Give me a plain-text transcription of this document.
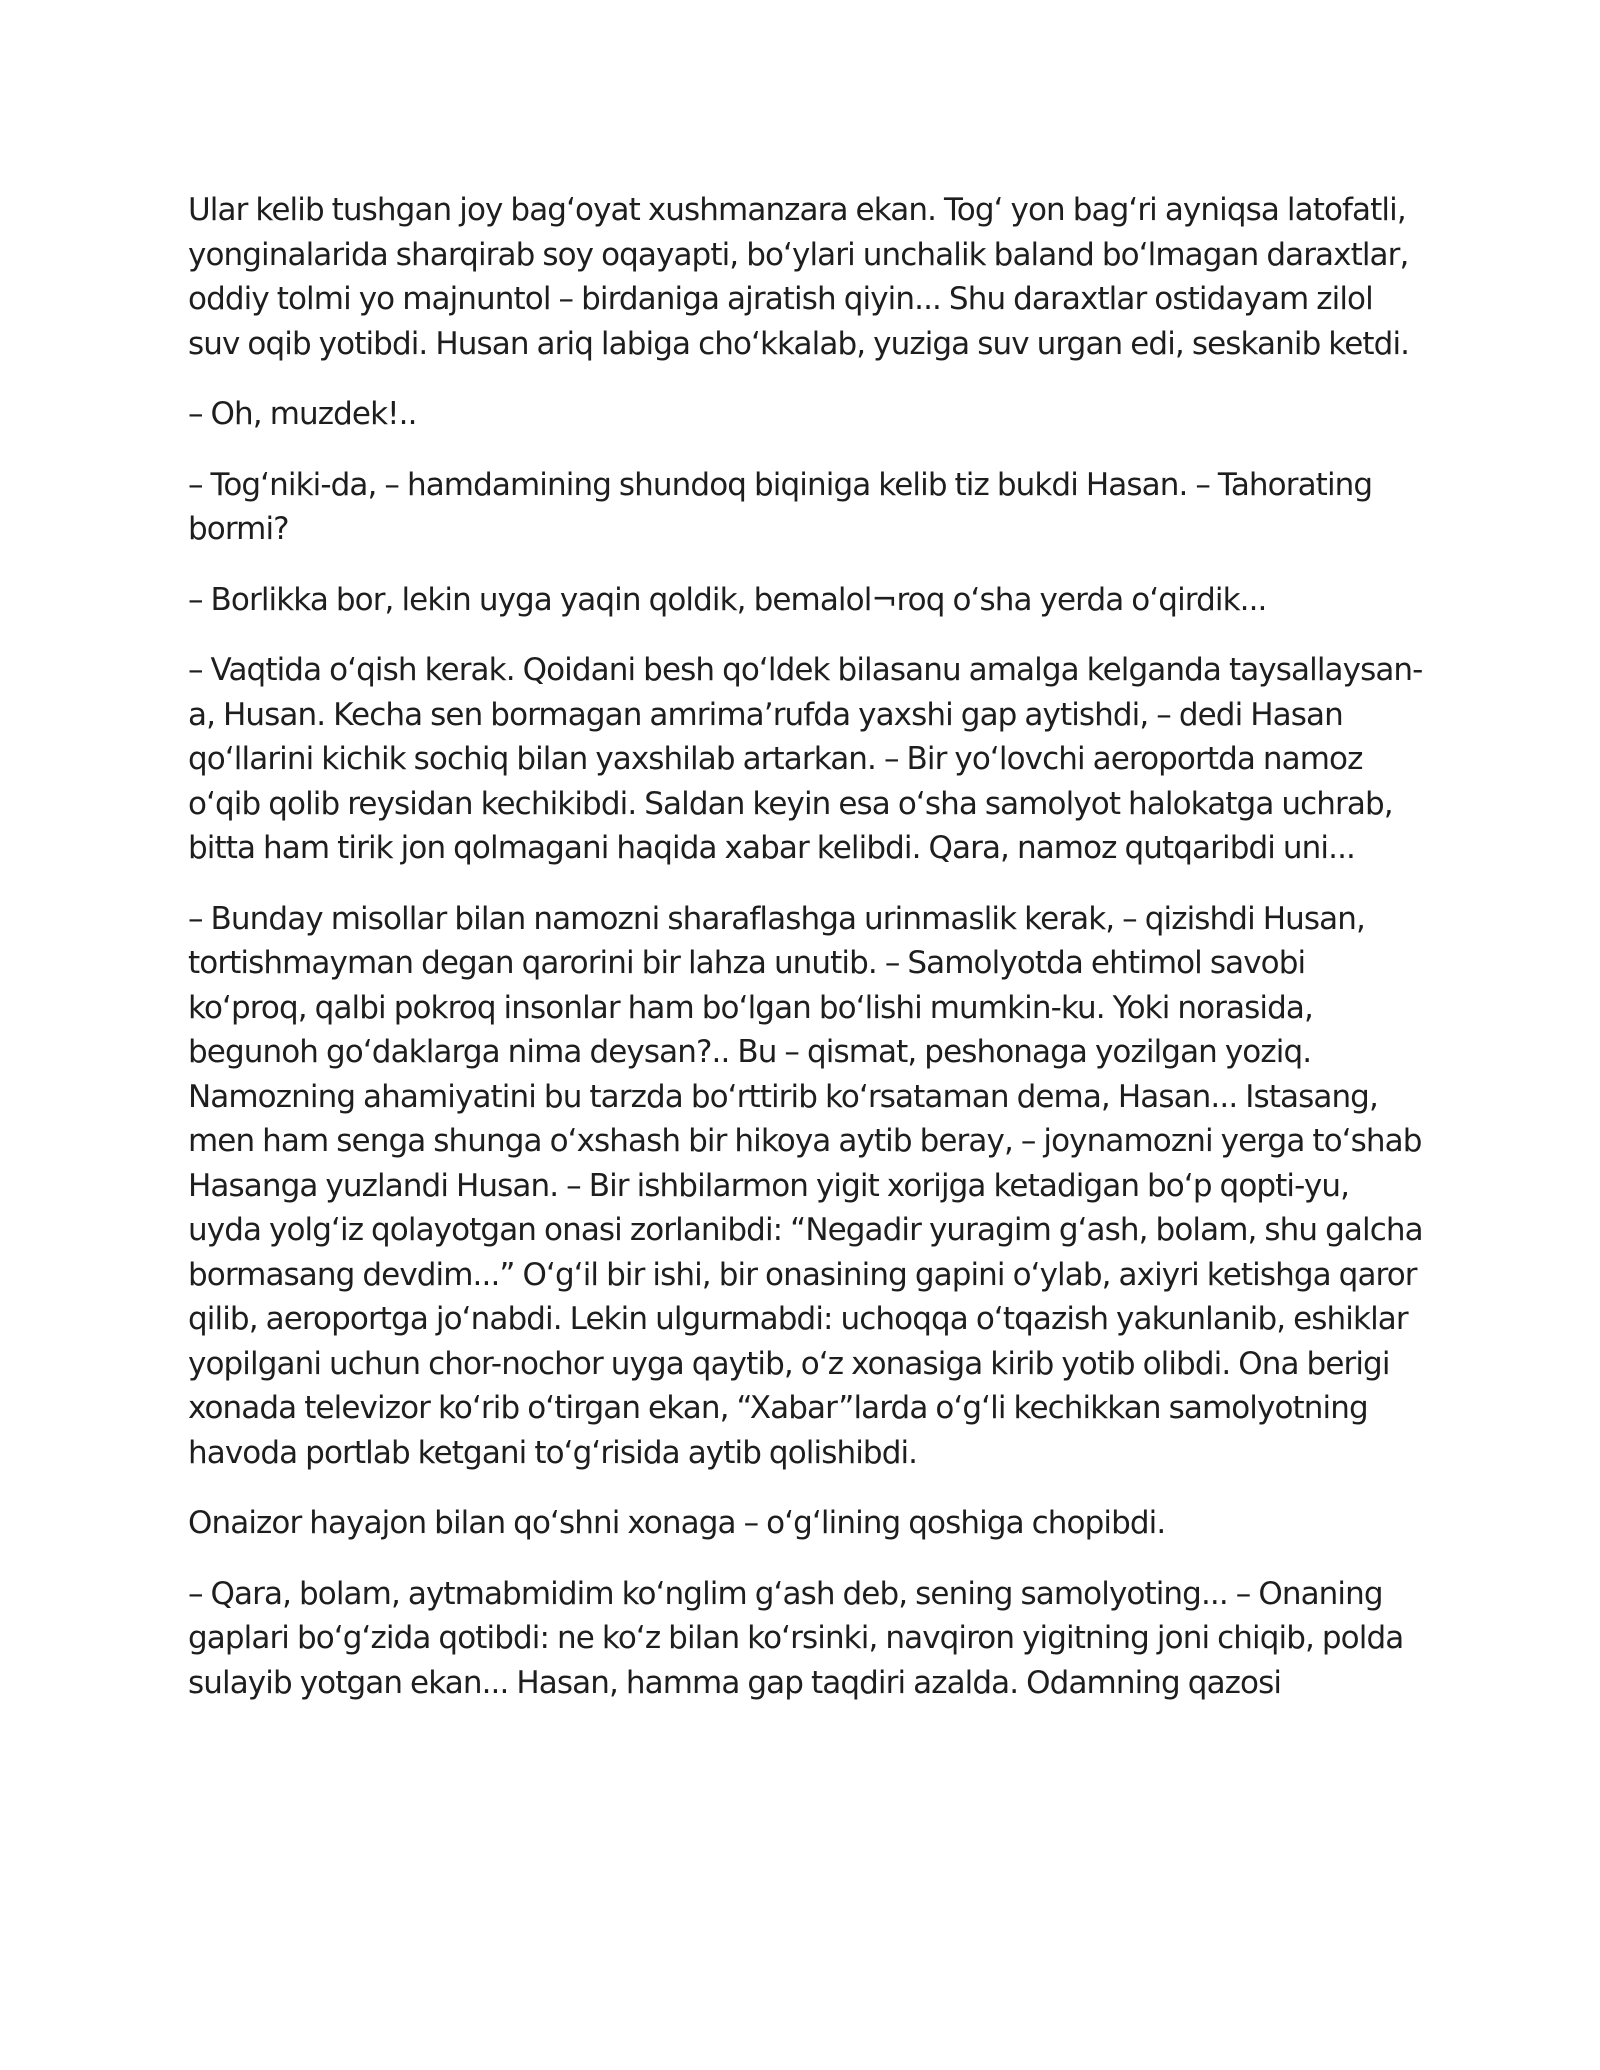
Ular kelib tushgan joy bagʻoyat xushmanzara ekan. Togʻ yon bagʻri ayniqsa latofatli, yonginalarida sharqirab soy oqayapti, boʻylari unchalik baland boʻlmagan daraxtlar, oddiy tolmi yo majnuntol – birdaniga ajratish qiyin... Shu daraxtlar ostidayam zilol suv oqib yotibdi. Husan ariq labiga choʻkkalab, yuziga suv urgan edi, seskanib ketdi.

– Oh, muzdek!..

– Togʻniki-da, – hamdamining shundoq biqiniga kelib tiz bukdi Hasan. – Tahorating bormi?

– Borlikka bor, lekin uyga yaqin qoldik, bemalol¬roq oʻsha yerda oʻqirdik...

– Vaqtida oʻqish kerak. Qoidani besh qoʻldek bilasanu amalga kelganda taysallaysan-a, Husan. Kecha sen bormagan amrima’rufda yaxshi gap aytishdi, – dedi Hasan qoʻllarini kichik sochiq bilan yaxshilab artarkan. – Bir yoʻlovchi aeroportda namoz oʻqib qolib reysidan kechikibdi. Saldan keyin esa oʻsha samolyot halokatga uchrab, bitta ham tirik jon qolmagani haqida xabar kelibdi. Qara, namoz qutqaribdi uni...

– Bunday misollar bilan namozni sharaflashga urinmaslik kerak, – qizishdi Husan, tortishmayman degan qarorini bir lahza unutib. – Samolyotda ehtimol savobi koʻproq, qalbi pokroq insonlar ham boʻlgan boʻlishi mumkin-ku. Yoki norasida, begunoh goʻdaklarga nima deysan?.. Bu – qismat, peshonaga yozilgan yoziq. Namozning ahamiyatini bu tarzda boʻrttirib koʻrsataman dema, Hasan... Istasang, men ham senga shunga oʻxshash bir hikoya aytib beray, – joynamozni yerga toʻshab Hasanga yuzlandi Husan. – Bir ishbilarmon yigit xorijga ketadigan boʻp qopti-yu, uyda yolgʻiz qolayotgan onasi zorlanibdi: “Negadir yuragim gʻash, bolam, shu galcha bormasang devdim...” Oʻgʻil bir ishi, bir onasining gapini oʻylab, axiyri ketishga qaror qilib, aeroportga joʻnabdi. Lekin ulgurmabdi: uchoqqa oʻtqazish yakunlanib, eshiklar yopilgani uchun chor-nochor uyga qaytib, oʻz xonasiga kirib yotib olibdi. Ona berigi xonada televizor koʻrib oʻtirgan ekan, “Xabar”larda oʻgʻli kechikkan samolyotning havoda portlab ketgani toʻgʻrisida aytib qolishibdi.

Onaizor hayajon bilan qoʻshni xonaga – oʻgʻlining qoshiga chopibdi.

– Qara, bolam, aytmabmidim koʻnglim gʻash deb, sening samolyoting... – Onaning gaplari boʻgʻzida qotibdi: ne koʻz bilan koʻrsinki, navqiron yigitning joni chiqib, polda sulayib yotgan ekan... Hasan, hamma gap taqdiri azalda. Odamning qazosi
